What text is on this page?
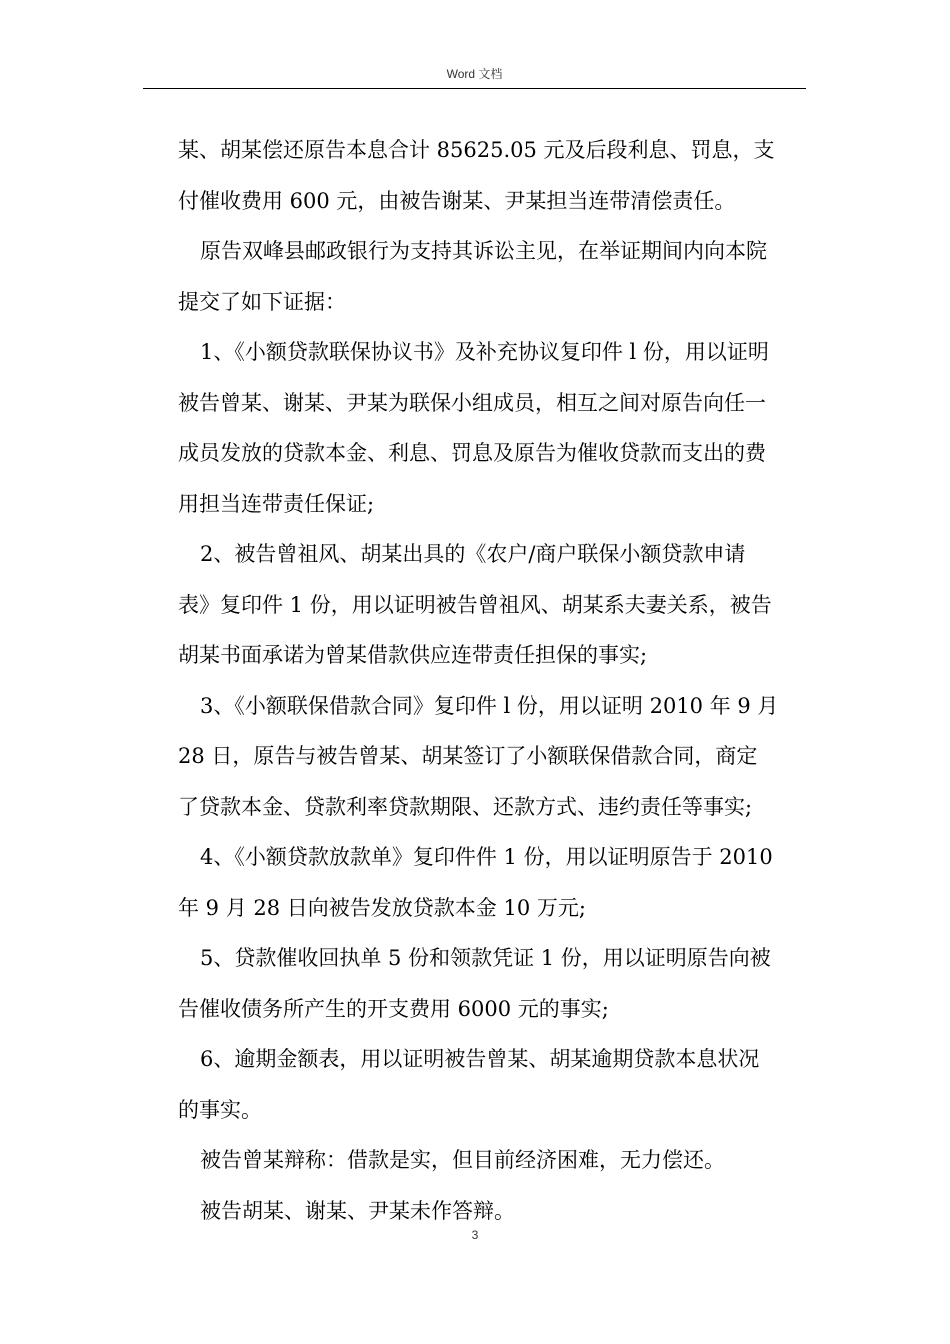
Word 文档
某、胡某偿还原告本息合计 85625.05 元及后段利息、罚息，支
付催收费用 600 元，由被告谢某、尹某担当连带清偿责任。
原告双峰县邮政银行为支持其诉讼主见，在举证期间内向本院
提交了如下证据：
1、《小额贷款联保协议书》及补充协议复印件 l 份，用以证明
被告曾某、谢某、尹某为联保小组成员，相互之间对原告向任一
成员发放的贷款本金、利息、罚息及原告为催收贷款而支出的费
用担当连带责任保证;
2、被告曾祖风、胡某出具的《农户/商户联保小额贷款申请
表》复印件 1 份，用以证明被告曾祖风、胡某系夫妻关系，被告
胡某书面承诺为曾某借款供应连带责任担保的事实;
3、《小额联保借款合同》复印件 l 份，用以证明 2010 年 9 月
28 日，原告与被告曾某、胡某签订了小额联保借款合同，商定
了贷款本金、贷款利率贷款期限、还款方式、违约责任等事实;
4、《小额贷款放款单》复印件件 1 份，用以证明原告于 2010
年 9 月 28 日向被告发放贷款本金 10 万元;
5、贷款催收回执单 5 份和领款凭证 1 份，用以证明原告向被
告催收债务所产生的开支费用 6000 元的事实;
6、逾期金额表，用以证明被告曾某、胡某逾期贷款本息状况
的事实。
被告曾某辩称：借款是实，但目前经济困难，无力偿还。
被告胡某、谢某、尹某未作答辩。
3
